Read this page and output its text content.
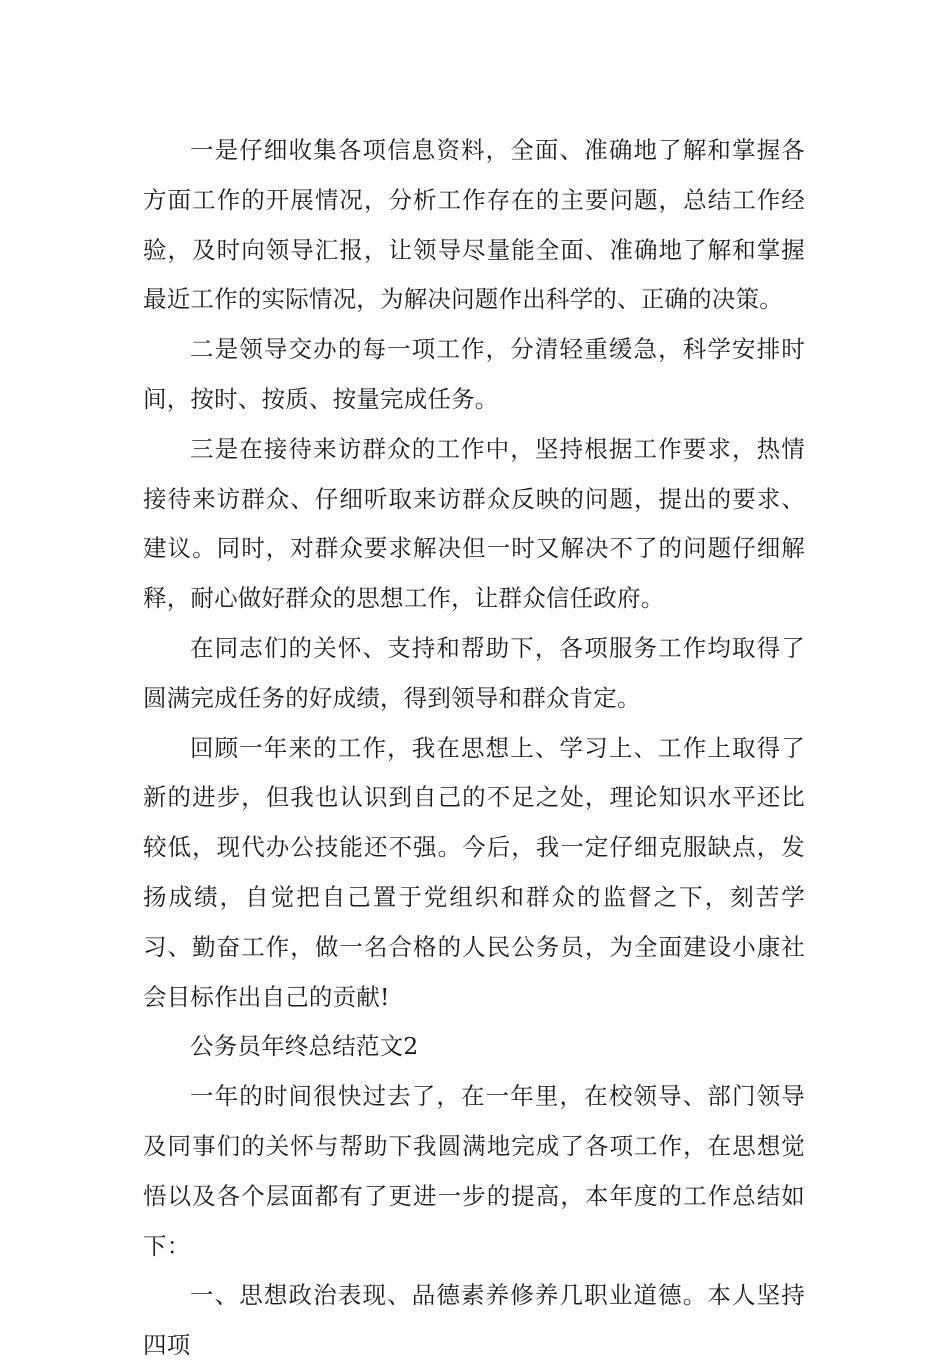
一是仔细收集各项信息资料，全面、准确地了解和掌握各方面工作的开展情况，分析工作存在的主要问题，总结工作经验，及时向领导汇报，让领导尽量能全面、准确地了解和掌握最近工作的实际情况，为解决问题作出科学的、正确的决策。

二是领导交办的每一项工作，分清轻重缓急，科学安排时间，按时、按质、按量完成任务。

三是在接待来访群众的工作中，坚持根据工作要求，热情接待来访群众、仔细听取来访群众反映的问题，提出的要求、建议。同时，对群众要求解决但一时又解决不了的问题仔细解释，耐心做好群众的思想工作，让群众信任政府。

在同志们的关怀、支持和帮助下，各项服务工作均取得了圆满完成任务的好成绩，得到领导和群众肯定。

回顾一年来的工作，我在思想上、学习上、工作上取得了新的进步，但我也认识到自己的不足之处，理论知识水平还比较低，现代办公技能还不强。今后，我一定仔细克服缺点，发扬成绩，自觉把自己置于党组织和群众的监督之下，刻苦学习、勤奋工作，做一名合格的人民公务员，为全面建设小康社会目标作出自己的贡献!

公务员年终总结范文2

一年的时间很快过去了，在一年里，在校领导、部门领导及同事们的关怀与帮助下我圆满地完成了各项工作，在思想觉悟以及各个层面都有了更进一步的提高，本年度的工作总结如下：

一、思想政治表现、品德素养修养几职业道德。本人坚持四项
